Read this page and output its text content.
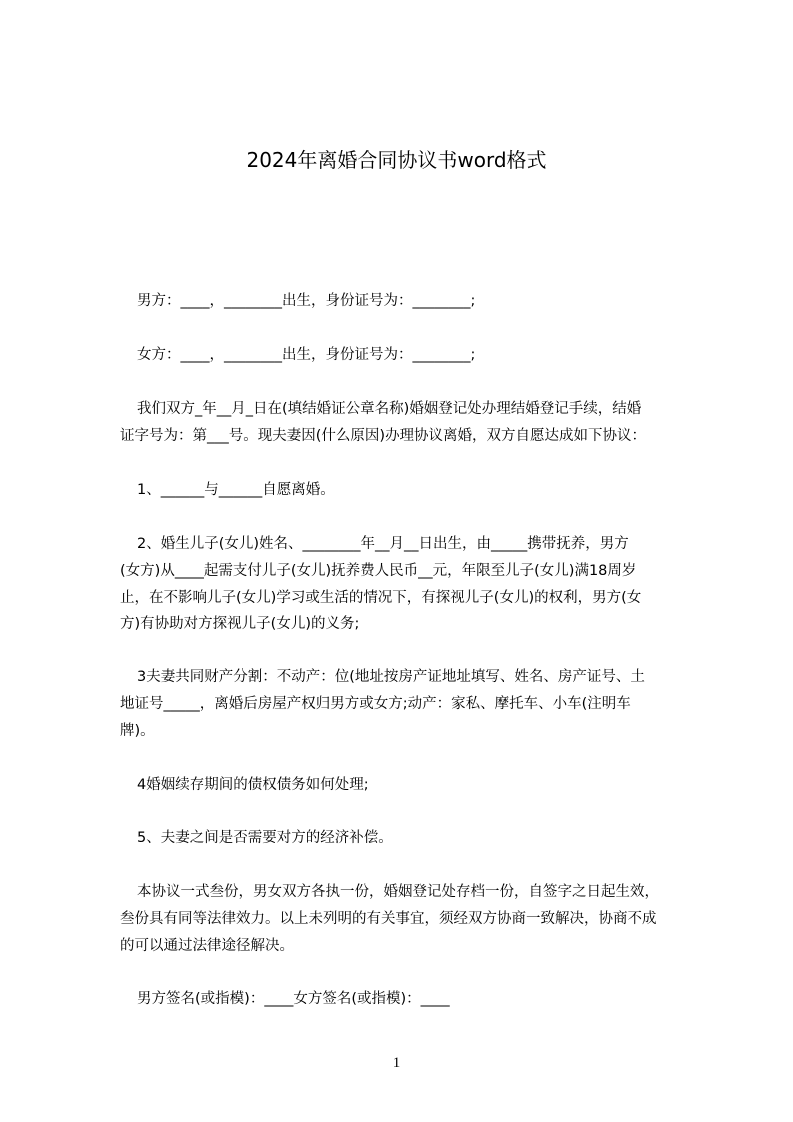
2024年离婚合同协议书word格式
男方：____，________出生，身份证号为：________;
女方：____，________出生，身份证号为：________;
我们双方_年__月_日在(填结婚证公章名称)婚姻登记处办理结婚登记手续，结婚
证字号为：第___号。现夫妻因(什么原因)办理协议离婚，双方自愿达成如下协议：
1、______与______自愿离婚。
2、婚生儿子(女儿)姓名、________年__月__日出生，由_____携带抚养，男方
(女方)从____起需支付儿子(女儿)抚养费人民币__元，年限至儿子(女儿)满18周岁
止，在不影响儿子(女儿)学习或生活的情况下，有探视儿子(女儿)的权利，男方(女
方)有协助对方探视儿子(女儿)的义务;
3夫妻共同财产分割：不动产：位(地址按房产证地址填写、姓名、房产证号、土
地证号_____，离婚后房屋产权归男方或女方;动产：家私、摩托车、小车(注明车
牌)。
4婚姻续存期间的债权债务如何处理;
5、夫妻之间是否需要对方的经济补偿。
本协议一式叁份，男女双方各执一份，婚姻登记处存档一份，自签字之日起生效，
叁份具有同等法律效力。以上未列明的有关事宜，须经双方协商一致解决，协商不成
的可以通过法律途径解决。
男方签名(或指模)：____女方签名(或指模)：____
1
